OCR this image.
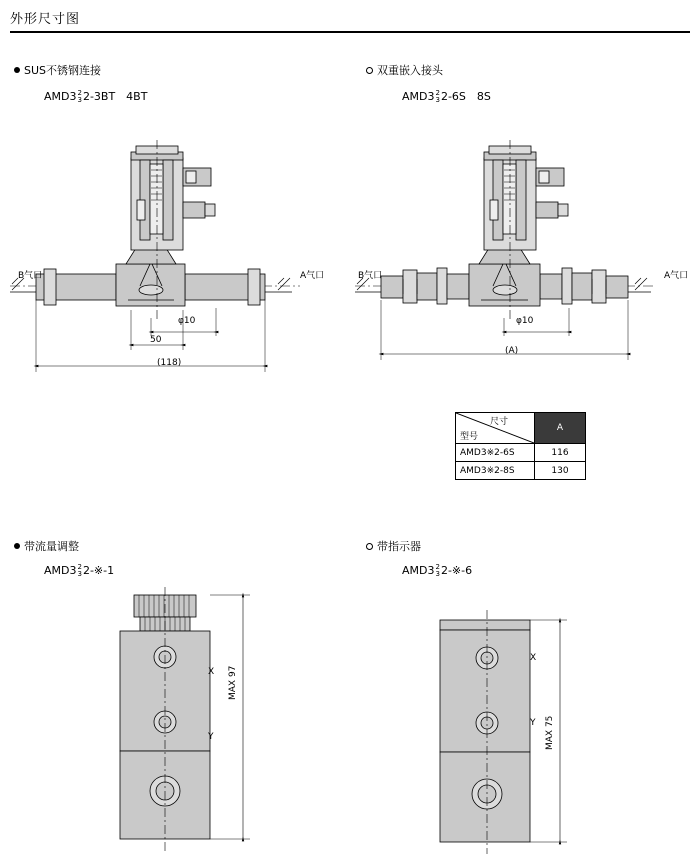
外形尺寸图
SUS不锈钢连接
AMD3 2
3 2-3BT　4BT
双重嵌入接头
AMD3 2
3 2-6S　8S
B气口	A气口
φ10
50
(118)
B气口	A气口
φ10
(A)
尺寸
型号	A
AMD3※2-6S	116
AMD3※2-8S	130
带流量调整
AMD3 2
3 2-※-1
带指示器
AMD3 2
3 2-※-6
X
Y
MAX 97
X
Y MAX 75
